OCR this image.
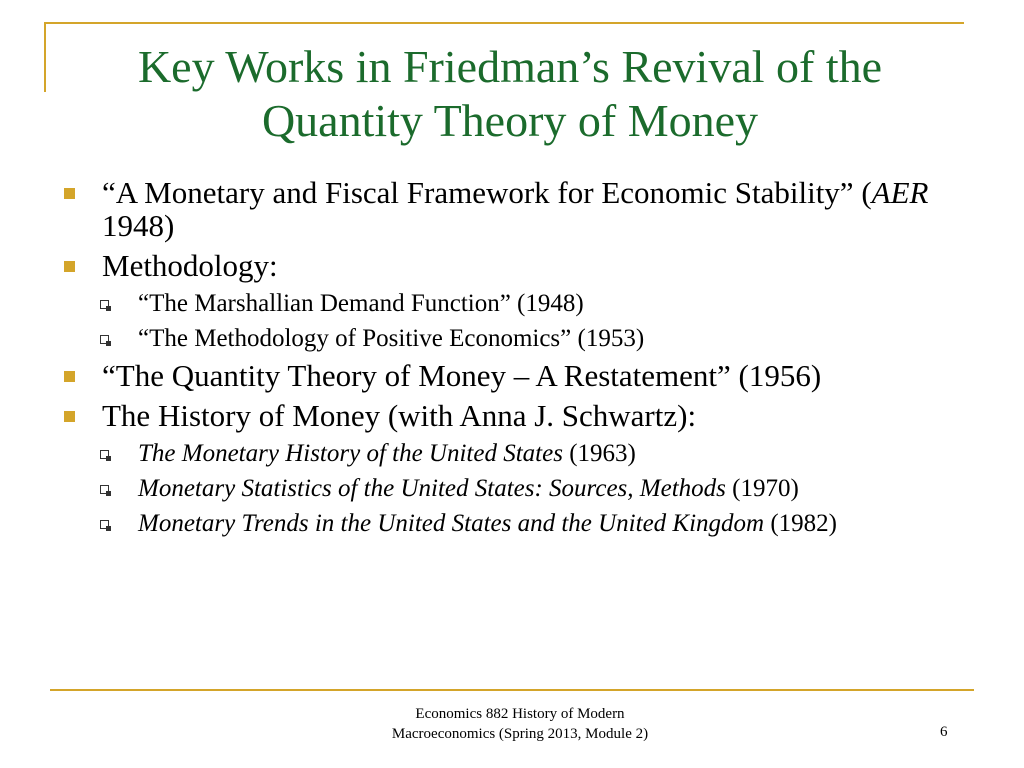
Key Works in Friedman’s Revival of the Quantity Theory of Money
“A Monetary and Fiscal Framework for Economic Stability” (AER 1948)
Methodology:
“The Marshallian Demand Function” (1948)
“The Methodology of Positive Economics” (1953)
“The Quantity Theory of Money – A Restatement” (1956)
The History of Money (with Anna J. Schwartz):
The Monetary History of the United States (1963)
Monetary Statistics of the United States: Sources, Methods (1970)
Monetary Trends in the United States and the United Kingdom (1982)
Economics 882 History of Modern
Macroeconomics (Spring 2013, Module 2)	6
